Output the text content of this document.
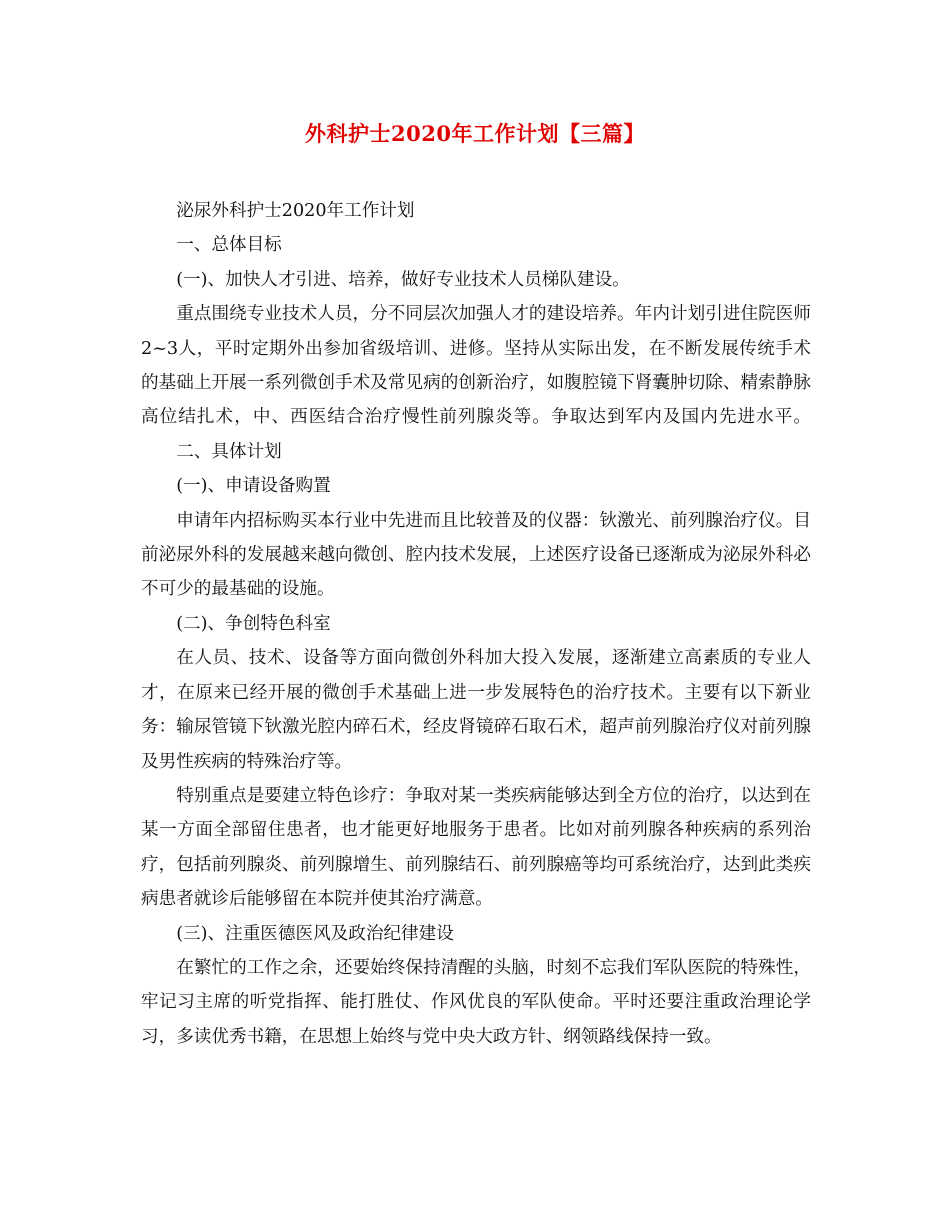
外科护士2020年工作计划【三篇】

泌尿外科护士2020年工作计划

一、总体目标

(一)、加快人才引进、培养，做好专业技术人员梯队建设。

重点围绕专业技术人员，分不同层次加强人才的建设培养。年内计划引进住院医师2~3人，平时定期外出参加省级培训、进修。坚持从实际出发，在不断发展传统手术的基础上开展一系列微创手术及常见病的创新治疗，如腹腔镜下肾囊肿切除、精索静脉高位结扎术，中、西医结合治疗慢性前列腺炎等。争取达到军内及国内先进水平。

二、具体计划

(一)、申请设备购置

申请年内招标购买本行业中先进而且比较普及的仪器：钬激光、前列腺治疗仪。目前泌尿外科的发展越来越向微创、腔内技术发展，上述医疗设备已逐渐成为泌尿外科必不可少的最基础的设施。

(二)、争创特色科室

在人员、技术、设备等方面向微创外科加大投入发展，逐渐建立高素质的专业人才，在原来已经开展的微创手术基础上进一步发展特色的治疗技术。主要有以下新业务：输尿管镜下钬激光腔内碎石术，经皮肾镜碎石取石术，超声前列腺治疗仪对前列腺及男性疾病的特殊治疗等。

特别重点是要建立特色诊疗：争取对某一类疾病能够达到全方位的治疗，以达到在某一方面全部留住患者，也才能更好地服务于患者。比如对前列腺各种疾病的系列治疗，包括前列腺炎、前列腺增生、前列腺结石、前列腺癌等均可系统治疗，达到此类疾病患者就诊后能够留在本院并使其治疗满意。

(三)、注重医德医风及政治纪律建设

在繁忙的工作之余，还要始终保持清醒的头脑，时刻不忘我们军队医院的特殊性，牢记习主席的听党指挥、能打胜仗、作风优良的军队使命。平时还要注重政治理论学习，多读优秀书籍，在思想上始终与党中央大政方针、纲领路线保持一致。
